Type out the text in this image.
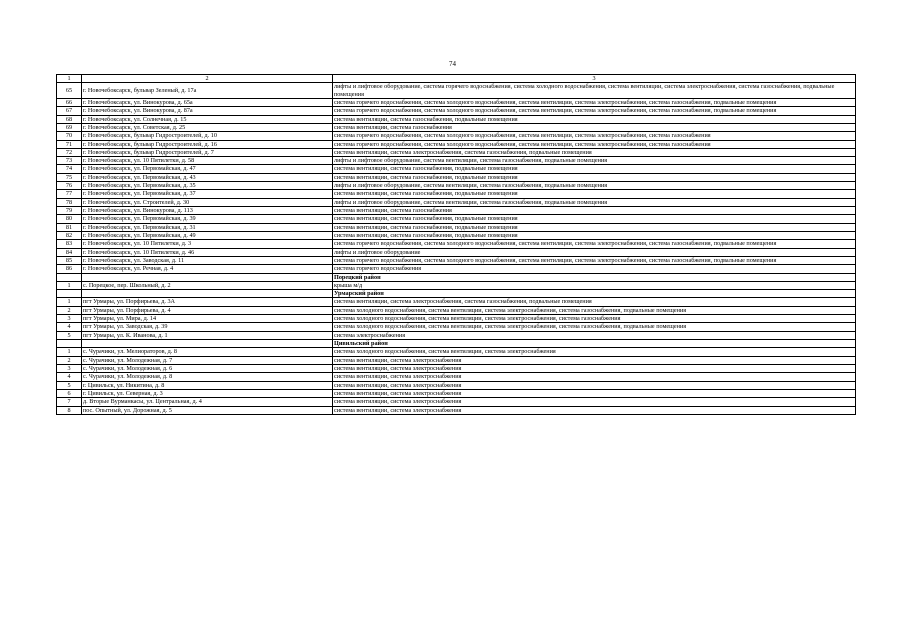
74
1	2	3
65	г. Новочебоксарск, бульвар Зеленый, д. 17а	лифты и лифтовое оборудование, система горячего водоснабжения, система холодного водоснабжения, система вентиляции, система электроснабжения, система газоснабжения, подвальные помещения
66	г. Новочебоксарск, ул. Винокурова, д. 65а	система горячего водоснабжения, система холодного водоснабжения, система вентиляции, система электроснабжения, система газоснабжения, подвальные помещения
67	г. Новочебоксарск, ул. Винокурова, д. 87а	система горячего водоснабжения, система холодного водоснабжения, система вентиляции, система электроснабжения, система газоснабжения, подвальные помещения
68	г. Новочебоксарск, ул. Солнечная, д. 15	система вентиляции, система газоснабжения, подвальные помещения
69	г. Новочебоксарск, ул. Советская, д. 25	система вентиляции, система газоснабжения
70	г. Новочебоксарск, бульвар Гидростроителей, д. 10	система горячего водоснабжения, система холодного водоснабжения, система вентиляции, система электроснабжения, система газоснабжения
71	г. Новочебоксарск, бульвар Гидростроителей, д. 16	система горячего водоснабжения, система холодного водоснабжения, система вентиляции, система электроснабжения, система газоснабжения
72	г. Новочебоксарск, бульвар Гидростроителей, д. 7	система вентиляции, система электроснабжения, система газоснабжения, подвальные помещения
73	г. Новочебоксарск, ул. 10 Пятилетки, д. 58	лифты и лифтовое оборудование, система вентиляции, система газоснабжения, подвальные помещения
74	г. Новочебоксарск, ул. Первомайская, д. 47	система вентиляции, система газоснабжения, подвальные помещения
75	г. Новочебоксарск, ул. Первомайская, д. 43	система вентиляции, система газоснабжения, подвальные помещения
76	г. Новочебоксарск, ул. Первомайская, д. 35	лифты и лифтовое оборудование, система вентиляции, система газоснабжения, подвальные помещения
77	г. Новочебоксарск, ул. Первомайская, д. 37	система вентиляции, система газоснабжения, подвальные помещения
78	г. Новочебоксарск, ул. Строителей, д. 30	лифты и лифтовое оборудование, система вентиляции, система газоснабжения, подвальные помещения
79	г. Новочебоксарск, ул. Винокурова, д. 113	система вентиляции, система газоснабжения
80	г. Новочебоксарск, ул. Первомайская, д. 39	система вентиляции, система газоснабжения, подвальные помещения
81	г. Новочебоксарск, ул. Первомайская, д. 31	система вентиляции, система газоснабжения, подвальные помещения
82	г. Новочебоксарск, ул. Первомайская, д. 49	система вентиляции, система газоснабжения, подвальные помещения
83	г. Новочебоксарск, ул. 10 Пятилетки, д. 3	система горячего водоснабжения, система холодного водоснабжения, система вентиляции, система электроснабжения, система газоснабжения, подвальные помещения
84	г. Новочебоксарск, ул. 10 Пятилетки, д. 46	лифты и лифтовое оборудование
85	г. Новочебоксарск, ул. Заводская, д. 11	система горячего водоснабжения, система холодного водоснабжения, система вентиляции, система электроснабжения, система газоснабжения, подвальные помещения
86	г. Новочебоксарск, ул. Речная, д. 4	система горячего водоснабжения
		Порецкий район
1	с. Порецкое, пер. Школьный, д. 2	крыша м/д
		Урмарский район
1	пгт Урмары, ул. Порфирьева, д. 3А	система вентиляции, система электроснабжения, система газоснабжения, подвальные помещения
2	пгт Урмары, ул. Порфирьева, д. 4	система холодного водоснабжения, система вентиляции, система электроснабжения, система газоснабжения, подвальные помещения
3	пгт Урмары, ул. Мира, д. 14	система холодного водоснабжения, система вентиляции, система электроснабжения, система газоснабжения
4	пгт Урмары, ул. Заводская, д. 39	система холодного водоснабжения, система вентиляции, система электроснабжения, система газоснабжения, подвальные помещения
5	пгт Урмары, ул. К. Иванова, д. 1	система электроснабжения
		Цивильский район
1	с. Чурачики, ул. Мелиораторов, д. 8	система холодного водоснабжения, система вентиляции, система электроснабжения
2	с. Чурачики, ул. Молодежная, д. 7	система вентиляции, система электроснабжения
3	с. Чурачики, ул. Молодежная, д. 6	система вентиляции, система электроснабжения
4	с. Чурачики, ул. Молодежная, д. 8	система вентиляции, система электроснабжения
5	г. Цивильск, ул. Никитина, д. 8	система вентиляции, система электроснабжения
6	г. Цивильск, ул. Северная, д. 3	система вентиляции, система электроснабжения
7	д. Вторые Вурманкасы, ул. Центральная, д. 4	система вентиляции, система электроснабжения
8	пос. Опытный, ул. Дорожная, д. 5	система вентиляции, система электроснабжения
